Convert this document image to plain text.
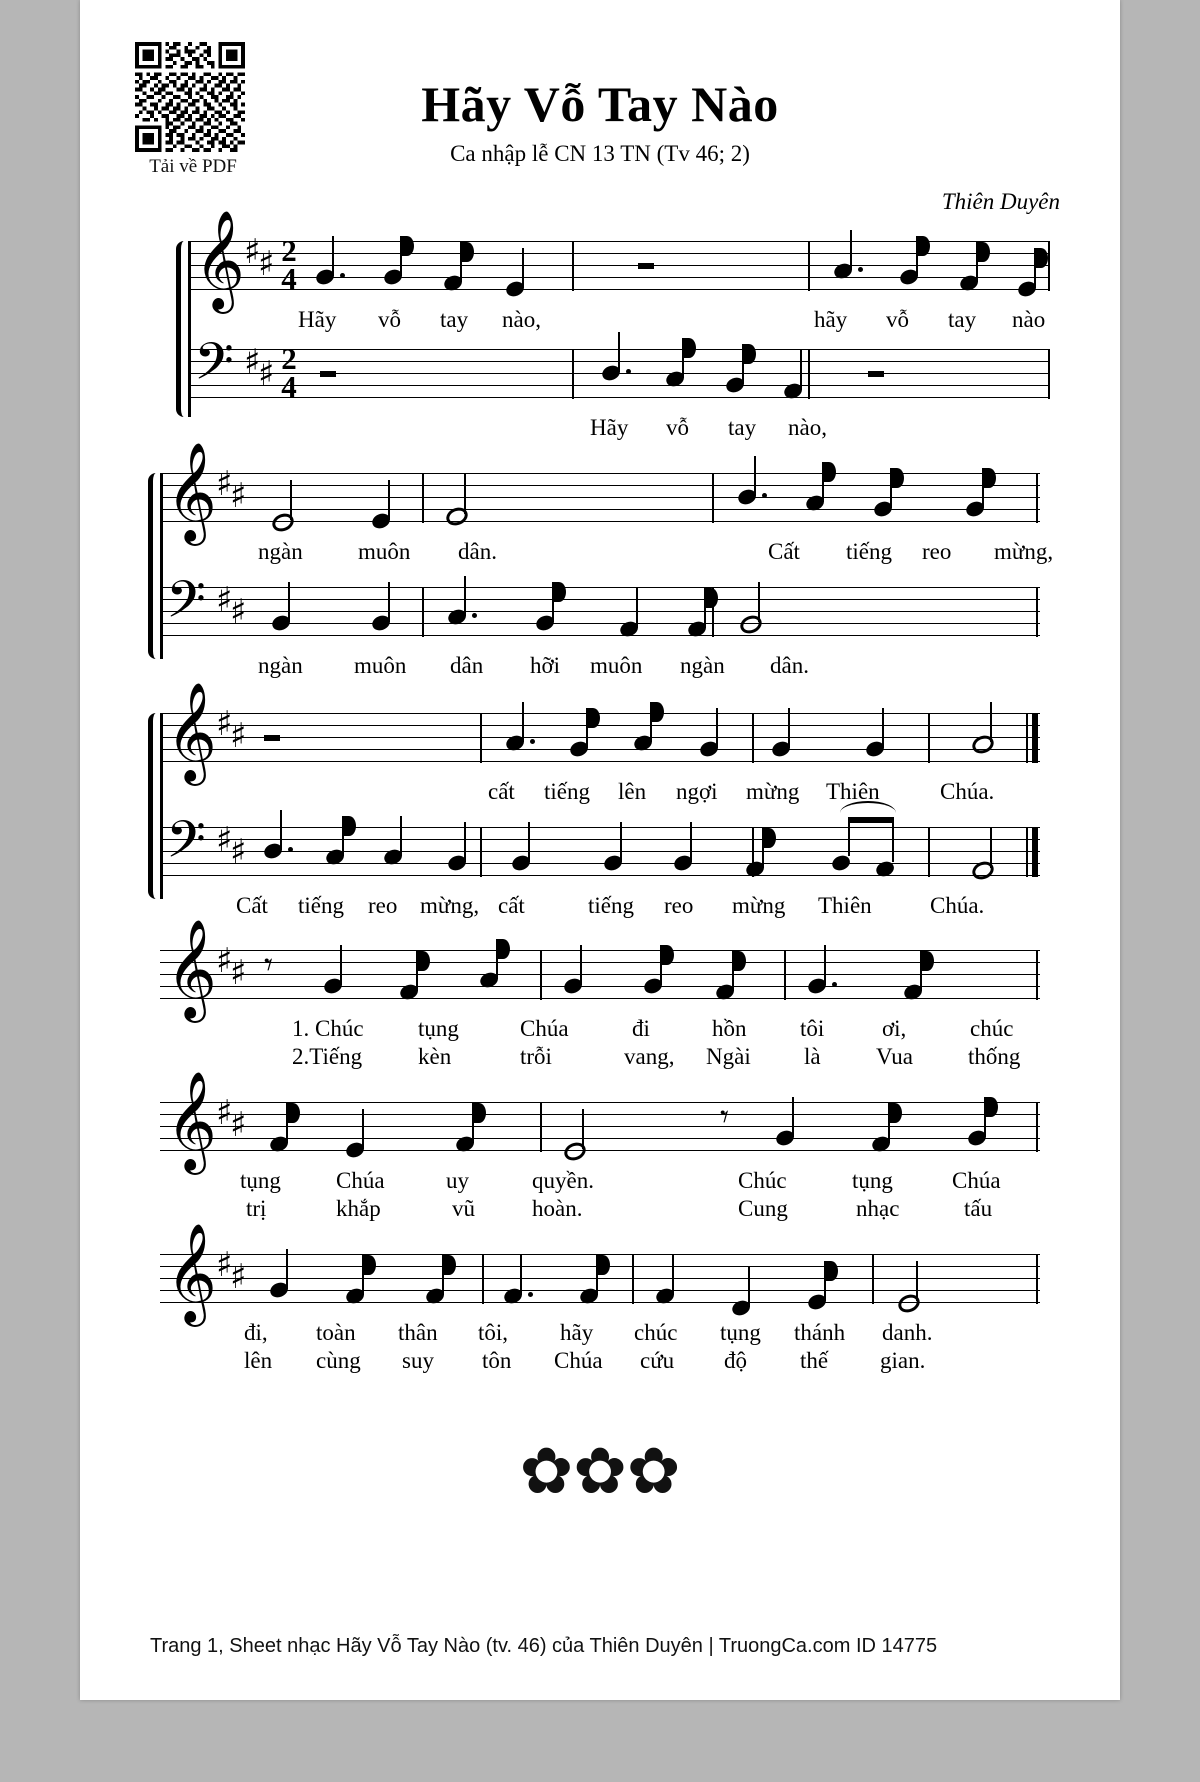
Tải về PDF
Hãy Vỗ Tay Nào
Ca nhập lễ CN 13 TN (Tv 46; 2)
Thiên Duyên
𝄞 ♯
♯ 2
4
Hãy vỗ tay nào,	hãy vỗ tay nào
𝄢 ♯
♯ 2
4
Hãy vỗ tay nào,
𝄞 ♯
♯
ngàn muôn dân.	Cất tiếng reo mừng,
𝄢 ♯
♯
ngàn muôn dân hỡi muôn ngàn dân.
𝄞 ♯
♯
cất tiếng lên ngợi mừng Thiên	Chúa.
𝄢 ♯
♯
Cất tiếng reo mừng, cất	tiếng reo mừng Thiên	Chúa.
𝄞 ♯
♯ 𝄾
1. Chúc tụng	Chúa	đi	hồn tôi	ơi,	chúc
2.Tiếng kèn	trỗi	vang, Ngài là Vua thống
𝄞 ♯
♯	𝄾
tụng Chúa	uy	quyền.	Chúc	tụng	Chúa
trị	khắp	vũ hoàn.	Cung	nhạc	tấu
𝄞 ♯
♯
đi, toàn thân tôi, hãy chúc tụng thánh danh.
lên cùng suy tôn Chúa cứu độ thế gian.
✿✿✿
Trang 1, Sheet nhạc Hãy Vỗ Tay Nào (tv. 46) của Thiên Duyên | TruongCa.com ID 14775
